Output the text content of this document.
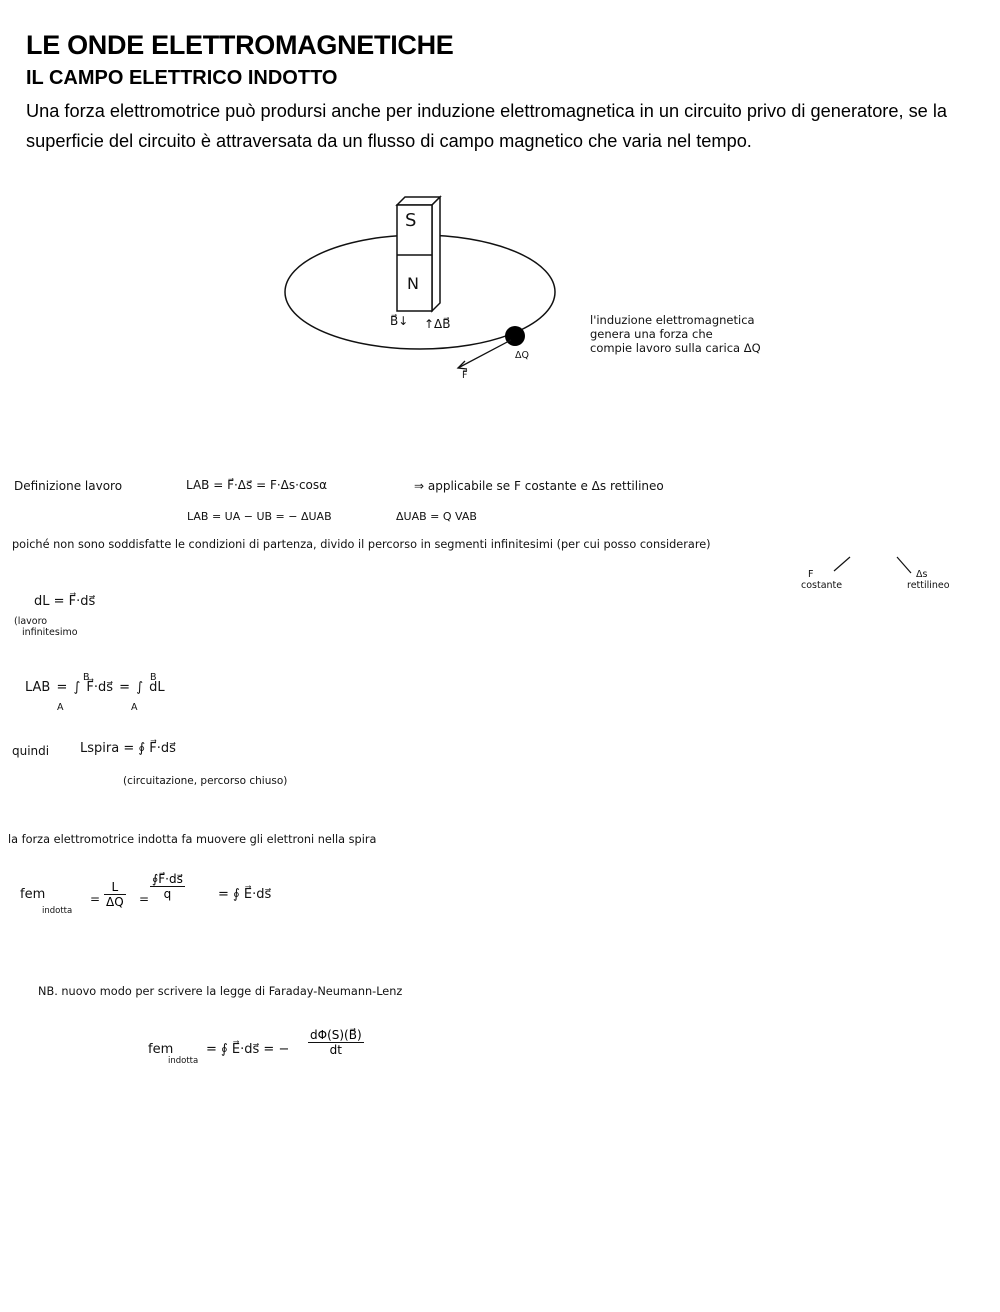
LE ONDE ELETTROMAGNETICHE
IL CAMPO ELETTRICO INDOTTO
Una forza elettromotrice può prodursi anche per induzione elettromagnetica in un circuito privo di generatore, se la superficie del circuito è attraversata da un flusso di campo magnetico che varia nel tempo.
S
N
B⃗↓ ↑ΔB⃗
ΔQ
F⃗
l'induzione elettromagnetica
genera una forza che
compie lavoro sulla carica ΔQ
Definizione lavoro	LAB = F⃗·Δs⃗ = F·Δs·cosα	⇒ applicabile se F costante e Δs rettilineo
LAB = UA − UB = − ΔUAB	ΔUAB = Q VAB
poiché non sono soddisfatte le condizioni di partenza, divido il percorso in segmenti infinitesimi (per cui posso considerare)
F
costante
Δs
rettilineo
dL = F⃗·ds⃗
(lavoro
infinitesimo
LAB = ∫ F⃗·ds⃗ = ∫ dL
A
B
A
B
quindi Lspira = ∮ F⃗·ds⃗
(circuitazione, percorso chiuso)
la forza elettromotrice indotta fa muovere gli elettroni nella spira
fem
indotta
= $\frac{L}{\Delta Q} = \frac{∮F⃗\cdot ds⃗}{q}$	= ∮ E⃗·ds⃗
NB. nuovo modo per scrivere la legge di Faraday-Neumann-Lenz
fem
indotta
= ∮ E⃗·ds⃗ = − $\frac{d\Phi(S)(B⃗)}{dt}$
